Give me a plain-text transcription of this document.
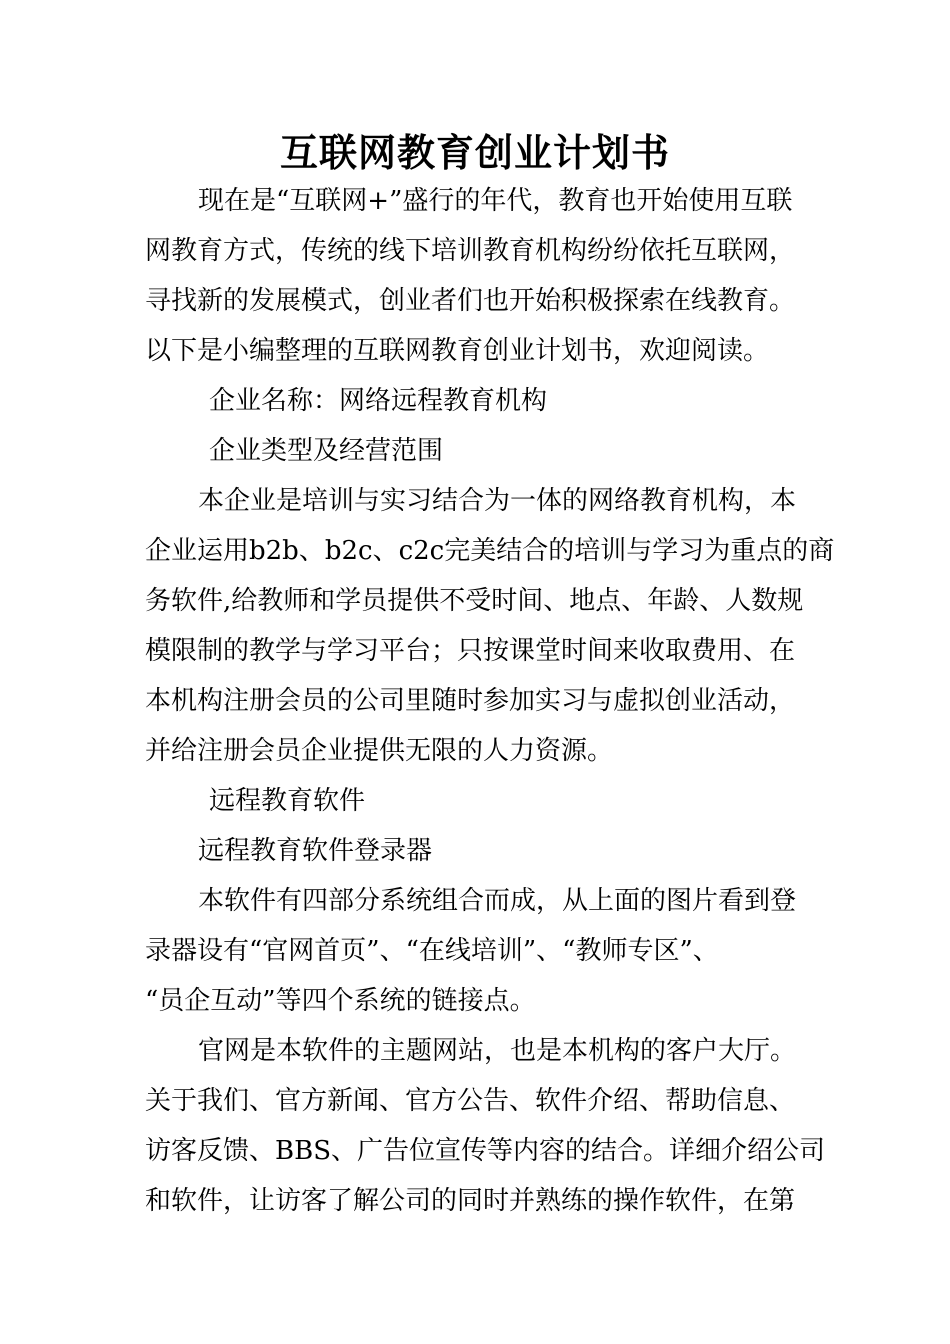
互联网教育创业计划书

现在是“互联网+”盛行的年代，教育也开始使用互联

网教育方式，传统的线下培训教育机构纷纷依托互联网，

寻找新的发展模式，创业者们也开始积极探索在线教育。

以下是小编整理的互联网教育创业计划书，欢迎阅读。

企业名称：网络远程教育机构

企业类型及经营范围

本企业是培训与实习结合为一体的网络教育机构，本

企业运用b2b、b2c、c2c完美结合的培训与学习为重点的商

务软件,给教师和学员提供不受时间、地点、年龄、人数规

模限制的教学与学习平台；只按课堂时间来收取费用、在

本机构注册会员的公司里随时参加实习与虚拟创业活动，

并给注册会员企业提供无限的人力资源。

远程教育软件

远程教育软件登录器

本软件有四部分系统组合而成，从上面的图片看到登

录器设有“官网首页”、“在线培训”、“教师专区”、

“员企互动”等四个系统的链接点。

官网是本软件的主题网站，也是本机构的客户大厅。

关于我们、官方新闻、官方公告、软件介绍、帮助信息、

访客反馈、BBS、广告位宣传等内容的结合。详细介绍公司

和软件，让访客了解公司的同时并熟练的操作软件，在第
